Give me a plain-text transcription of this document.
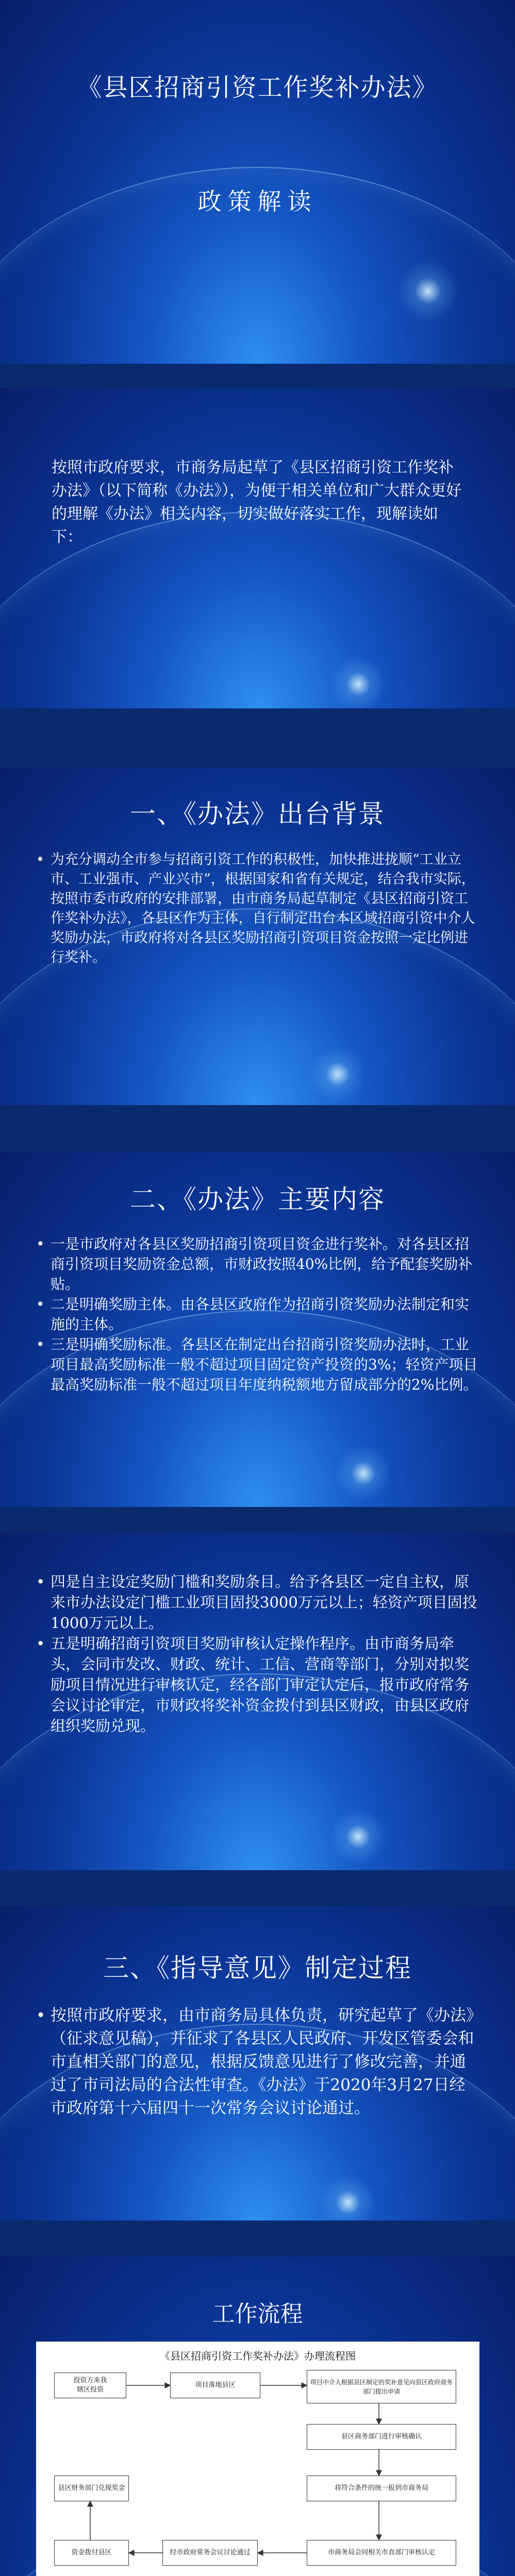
《县区招商引资工作奖补办法》
政策解读
按照市政府要求，市商务局起草了《县区招商引资工作奖补办法》（以下简称《办法》），为便于相关单位和广大群众更好的理解《办法》相关内容，切实做好落实工作，现解读如下：
一、《办法》出台背景
• 为充分调动全市参与招商引资工作的积极性，加快推进拢顺“工业立市、工业强市、产业兴市”，根据国家和省有关规定，结合我市实际，按照市委市政府的安排部署，由市商务局起草制定《县区招商引资工作奖补办法》，各县区作为主体，自行制定出台本区域招商引资中介人奖励办法，市政府将对各县区奖励招商引资项目资金按照一定比例进行奖补。
二、《办法》主要内容
• 一是市政府对各县区奖励招商引资项目资金进行奖补。对各县区招商引资项目奖励资金总额，市财政按照40%比例，给予配套奖励补贴。
• 二是明确奖励主体。由各县区政府作为招商引资奖励办法制定和实施的主体。
• 三是明确奖励标准。各县区在制定出台招商引资奖励办法时，工业项目最高奖励标准一般不超过项目固定资产投资的3%；轻资产项目最高奖励标准一般不超过项目年度纳税额地方留成部分的2%比例。
• 四是自主设定奖励门槛和奖励条目。给予各县区一定自主权，原来市办法设定门槛工业项目固投3000万元以上；轻资产项目固投1000万元以上。
• 五是明确招商引资项目奖励审核认定操作程序。由市商务局牵头，会同市发改、财政、统计、工信、营商等部门，分别对拟奖励项目情况进行审核认定，经各部门审定认定后，报市政府常务会议讨论审定，市财政将奖补资金拨付到县区财政，由县区政府组织奖励兑现。
三、《指导意见》制定过程
• 按照市政府要求，由市商务局具体负责，研究起草了《办法》（征求意见稿），并征求了各县区人民政府、开发区管委会和市直相关部门的意见，根据反馈意见进行了修改完善，并通过了市司法局的合法性审查。《办法》于2020年3月27日经市政府第十六届四十一次常务会议讨论通过。
工作流程
《县区招商引资工作奖补办法》办理流程图
投资方来我
辖区投资
项目落地县区	项目中介人根据县区制定的奖补意见向县区政府商务部门提出申请
县区商务部门进行审核确认
将符合条件的统一报到市商务局
县区财务部门兑现奖金
资金拨付县区	经市政府常务会议讨论通过	市商务局会同相关市直部门审核认定
